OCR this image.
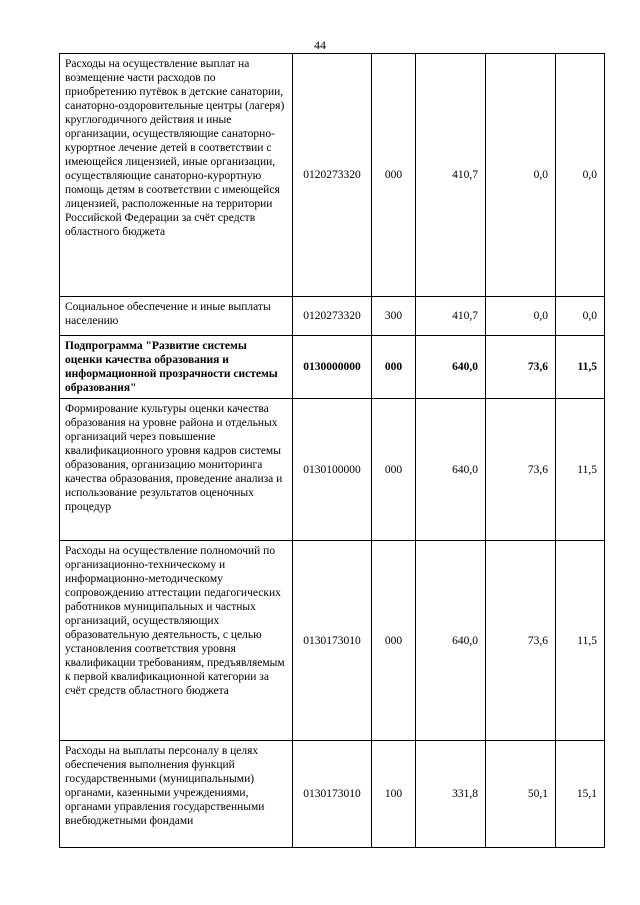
44
Расходы на осуществление выплат на возмещение части расходов по приобретению путёвок в детские санатории, санаторно-оздоровительные центры (лагеря) круглогодичного действия и иные организации, осуществляющие санаторно-курортное лечение детей в соответствии с имеющейся лицензией, иные организации, осуществляющие санаторно-курортную помощь детям в соответствии с имеющейся лицензией, расположенные на территории Российской Федерации за счёт средств областного бюджета	0120273320	000	410,7	0,0	0,0
Социальное обеспечение и иные выплаты населению	0120273320	300	410,7	0,0	0,0
Подпрограмма "Развитие системы оценки качества образования и информационной прозрачности системы образования"	0130000000	000	640,0	73,6	11,5
Формирование культуры оценки качества образования на уровне района и отдельных организаций через повышение квалификационного уровня кадров системы образования, организацию мониторинга качества образования, проведение анализа и использование результатов оценочных процедур	0130100000	000	640,0	73,6	11,5
Расходы на осуществление полномочий по организационно-техническому и информационно-методическому сопровождению аттестации педагогических работников муниципальных и частных организаций, осуществляющих образовательную деятельность, с целью установления соответствия уровня квалификации требованиям, предъявляемым к первой квалификационной категории за счёт средств областного бюджета	0130173010	000	640,0	73,6	11,5
Расходы на выплаты персоналу в целях обеспечения выполнения функций государственными (муниципальными) органами, казенными учреждениями, органами управления государственными внебюджетными фондами	0130173010	100	331,8	50,1	15,1
